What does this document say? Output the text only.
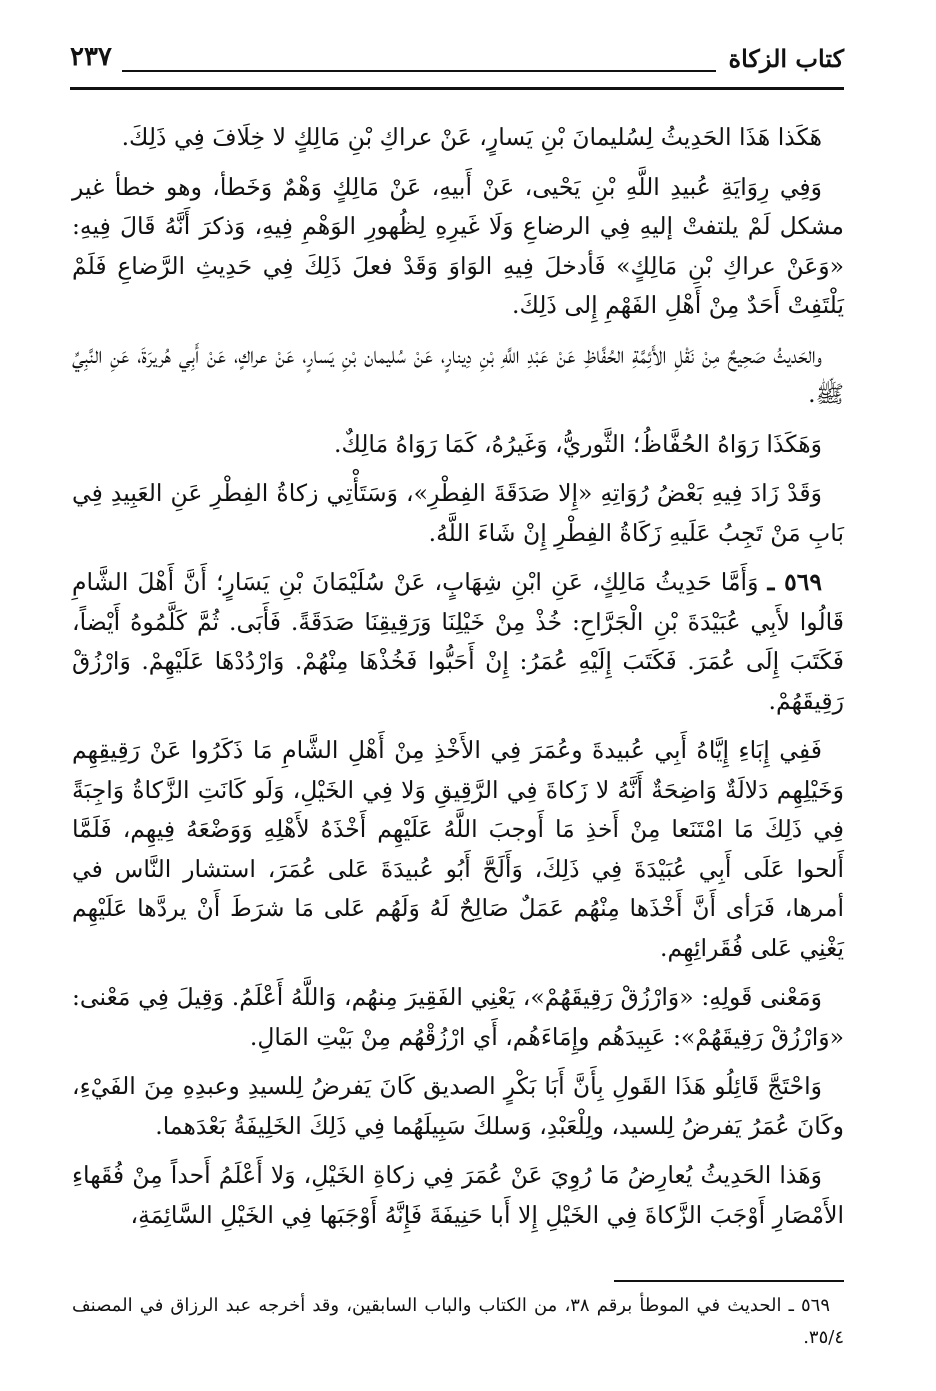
كتاب الزكاة
٢٣٧

هَكَذا هَذَا الحَدِيثُ لِسُليمانَ بْنِ يَسارٍ، عَنْ عراكِ بْنِ مَالِكٍ لا خِلَافَ فِي ذَلِكَ.

وَفِي رِوَايَةِ عُبيدِ اللَّهِ بْنِ يَحْيى، عَنْ أَبيهِ، عَنْ مَالِكٍ وَهْمٌ وَخَطأ، وهو خطأ غير مشكل لَمْ يلتفتْ إليهِ فِي الرضاعِ وَلَا غَيرِهِ لِظُهورِ الوَهْمِ فِيهِ، وَذكرَ أَنَّهُ قَالَ فِيهِ: «وَعَنْ عراكِ بْنِ مَالِكٍ» فَأدخلَ فِيهِ الوَاوَ وَقَدْ فعلَ ذَلِكَ فِي حَدِيثِ الرَّضاعِ فَلَمْ يَلْتَفِتْ أَحَدٌ مِنْ أَهْلِ الفَهْمِ إِلى ذَلِكَ.

والحَديثُ صَحِيحٌ مِنْ نَقْلِ الأَئِمَّةِ الحُفَّاظِ عَنْ عَبْدِ اللَّهِ بْنِ دِينارٍ، عَنْ سُليمان بْنِ يَسارٍ، عَنْ عراكٍ، عَنْ أَبِي هُريرَةَ، عَنِ النَّبِيِّ ﷺ.

وَهَكَذَا رَوَاهُ الحُفَّاظُ؛ الثَّوريُّ، وَغَيرُهُ، كَمَا رَوَاهُ مَالِكٌ.

وَقَدْ زَادَ فِيهِ بَعْضُ رُوَاتِهِ «إِلا صَدَقَةَ الفِطْرِ»، وَسَتَأْتِي زكاةُ الفِطْرِ عَنِ العَبِيدِ فِي بَابِ مَنْ تَجِبُ عَلَيهِ زَكَاةُ الفِطْرِ إِنْ شَاءَ اللَّهُ.

٥٦٩ ـ وَأَمَّا حَدِيثُ مَالِكٍ، عَنِ ابْنِ شِهَابٍ، عَنْ سُلَيْمَانَ بْنِ يَسَارٍ؛ أَنَّ أَهْلَ الشَّامِ قَالُوا لأَبِي عُبَيْدَةَ بْنِ الْجَرَّاحِ: خُذْ مِنْ خَيْلِنَا وَرَقِيقِنَا صَدَقَةً. فَأَبَى. ثُمَّ كَلَّمُوهُ أَيْضاً، فَكَتَبَ إِلَى عُمَرَ. فَكَتَبَ إِلَيْهِ عُمَرُ: إِنْ أَحَبُّوا فَخُذْهَا مِنْهُمْ. وَارْدُدْهَا عَلَيْهِمْ. وَارْزُقْ رَقِيقَهُمْ.

فَفِي إِبَاءِ إِيَّاهُ أَبِي عُبيدةَ وعُمَرَ فِي الأَخْذِ مِنْ أَهْلِ الشَّامِ مَا ذَكَرُوا عَنْ رَقِيقِهِم وَخَيْلِهِم دَلالَةٌ وَاضِحَةٌ أَنَّهُ لا زَكاةَ فِي الرَّقِيقِ وَلا فِي الخَيْلِ، وَلَو كَانَتِ الزَّكاةُ وَاجِبَةً فِي ذَلِكَ مَا امْتَنَعا مِنْ أَخذِ مَا أَوجبَ اللَّهُ عَلَيْهِم أَخْذَهُ لأَهْلِهِ وَوَضْعَهُ فِيهِم، فَلَمَّا أَلحوا عَلَى أَبِي عُبَيْدَةَ فِي ذَلِكَ، وَأَلَحَّ أَبُو عُبيدَةَ عَلى عُمَرَ، استشار النَّاس في أمرها، فَرَأى أَنَّ أَخْذَها مِنْهُم عَمَلٌ صَالِحٌ لَهُ وَلَهُم عَلى مَا شرَطَ أَنْ يردَّها عَلَيْهِم يَغْنِي عَلى فُقَرائِهِم.

وَمَعْنى قَولِهِ: «وَارْزُقْ رَقِيقَهُمْ»، يَعْنِي الفَقِيرَ مِنهُم، وَاللَّهُ أَعْلَمُ. وَقِيلَ فِي مَعْنى: «وَارْزُقْ رَقِيقَهُمْ»: عَبِيدَهُم وإِمَاءَهُم، أَي ارْزُقْهُم مِنْ بَيْتِ المَالِ.

وَاحْتَجَّ قَائِلُو هَذَا القَولِ بِأَنَّ أَبَا بَكْرٍ الصديق كَانَ يَفرضُ لِلسيدِ وعبدِهِ مِنَ الفَيْءِ، وكَانَ عُمَرُ يَفرضُ لِلسيد، ولِلْعَبْدِ، وَسلكَ سَبِيلَهُما فِي ذَلِكَ الخَلِيفَةُ بَعْدَهما.

وَهَذا الحَدِيثُ يُعارِضُ مَا رُوِيَ عَنْ عُمَرَ فِي زكاةِ الخَيْلِ، وَلا أَعْلَمُ أَحداً مِنْ فُقَهاءِ الأَمْصَارِ أَوْجَبَ الزَّكاةَ فِي الخَيْلِ إِلا أَبا حَنِيفَةَ فَإِنَّهُ أَوْجَبَها فِي الخَيْلِ السَّائِمَةِ،

٥٦٩ ـ الحديث في الموطأ برقم ٣٨، من الكتاب والباب السابقين، وقد أخرجه عبد الرزاق في المصنف ٣٥/٤.
